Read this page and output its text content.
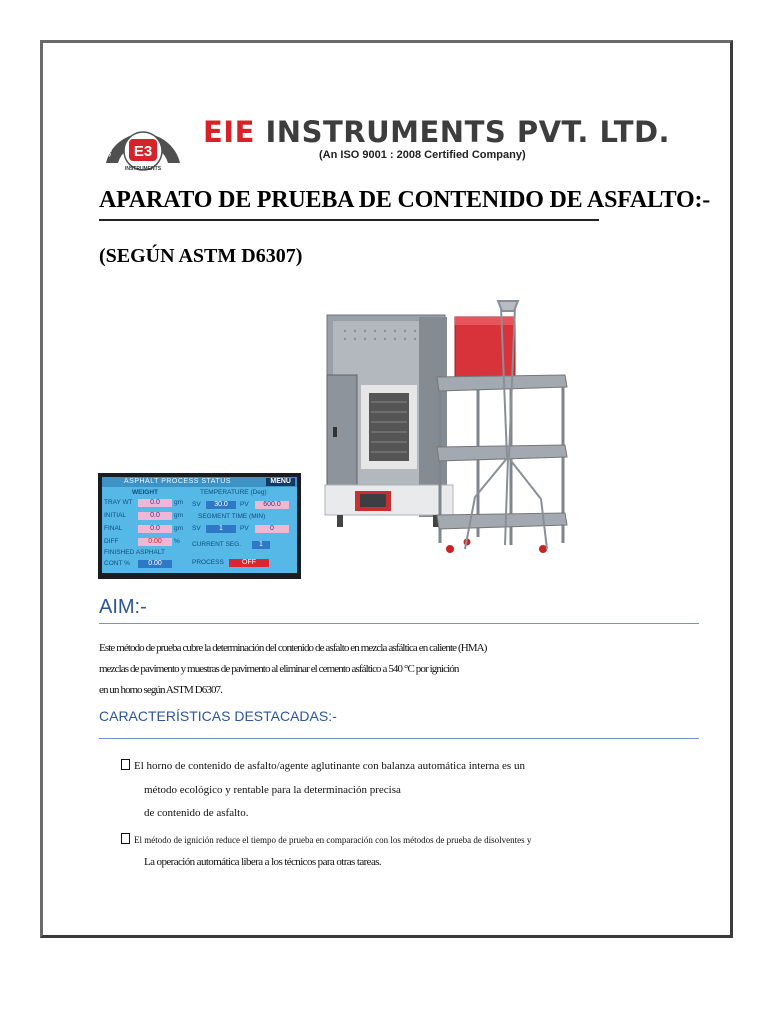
E3
INSTRUMENTS
Sturdy, Elegant & Reliable EIE INSTRUMENTS PVT. LTD.
(An ISO 9001 : 2008 Certified Company)
APARATO DE PRUEBA DE CONTENIDO DE ASFALTO:-
(SEGÚN ASTM D6307)
ASPHALT PROCESS STATUS	MENU
WEIGHT
TRAY WT	0.0	gm
INITIAL	0.0	gm
FINAL	0.0	gm
DIFF	0.00	%
FINISHED ASPHALT
CONT %	0.00
TEMPERATURE (Deg)
SV	30.0	PV	600.0
SEGMENT TIME (MIN)
SV	1	PV	0
CURRENT SEG.	1
PROCESS	OFF
AIM:-
Este método de prueba cubre la determinación del contenido de asfalto en mezcla asfáltica en caliente (HMA)
mezclas de pavimento y muestras de pavimento al eliminar el cemento asfáltico a 540 °C por ignición
en un horno según ASTM D6307.
CARACTERÍSTICAS DESTACADAS:-
El horno de contenido de asfalto/agente aglutinante con balanza automática interna es un
método ecológico y rentable para la determinación precisa
de contenido de asfalto.
El método de ignición reduce el tiempo de prueba en comparación con los métodos de prueba de disolventes y
La operación automática libera a los técnicos para otras tareas.
